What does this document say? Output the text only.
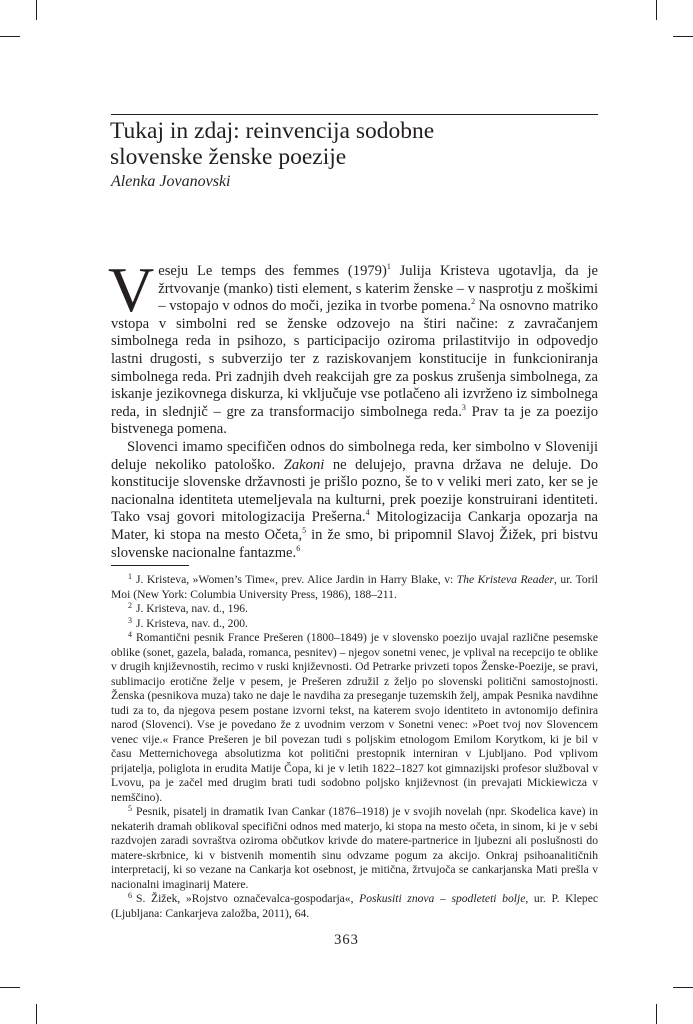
Tukaj in zdaj: reinvencija sodobne
slovenske ženske poezije
Alenka Jovanovski

Veseju Le temps des femmes $(1979)^1$ Julija Kristeva ugotavlja, da je žrtvovanje (manko) tisti element, s katerim ženske – v nasprotju z moškimi – vstopajo v odnos do moči, jezika in tvorbe pomena.$^2$ Na osnovno matriko vstopa v simbolni red se ženske odzovejo na štiri načine: z zavračanjem simbolnega reda in psihozo, s participacijo oziroma prilastitvijo in odpovedjo lastni drugosti, s subverzijo ter z raziskovanjem konstitucije in funkcioniranja simbolnega reda. Pri zadnjih dveh reakcijah gre za poskus zrušenja simbolnega, za iskanje jezikovnega diskurza, ki vključuje vse potlačeno ali izvrženo iz simbolnega reda, in slednjič – gre za transformacijo simbolnega reda.$^3$ Prav ta je za poezijo bistvenega pomena.

Slovenci imamo specifičen odnos do simbolnega reda, ker simbolno v Sloveniji deluje nekoliko patološko. Zakoni ne delujejo, pravna država ne deluje. Do konstitucije slovenske državnosti je prišlo pozno, še to v veliki meri zato, ker se je nacionalna identiteta utemeljevala na kulturni, prek poezije konstruirani identiteti. Tako vsaj govori mitologizacija Prešerna.$^4$ Mitologizacija Cankarja opozarja na Mater, ki stopa na mesto Očeta,$^5$ in že smo, bi pripomnil Slavoj Žižek, pri bistvu slovenske nacionalne fantazme.$^6$

$^1$ J. Kristeva, »Women’s Time«, prev. Alice Jardin in Harry Blake, v: The Kristeva Reader, ur. Toril Moi (New York: Columbia University Press, 1986), 188–211.

$^2$ J. Kristeva, nav. d., 196.

$^3$ J. Kristeva, nav. d., 200.

$^4$ Romantični pesnik France Prešeren (1800–1849) je v slovensko poezijo uvajal različne pesemske oblike (sonet, gazela, balada, romanca, pesnitev) – njegov sonetni venec, je vplival na recepcijo te oblike v drugih književnostih, recimo v ruski književnosti. Od Petrarke privzeti topos Ženske-Poezije, se pravi, sublimacijo erotične želje v pesem, je Prešeren združil z željo po slovenski politični samostojnosti. Ženska (pesnikova muza) tako ne daje le navdiha za preseganje tuzemskih želj, ampak Pesnika navdihne tudi za to, da njegova pesem postane izvorni tekst, na katerem svojo identiteto in avtonomijo definira narod (Slovenci). Vse je povedano že z uvodnim verzom v Sonetni venec: »Poet tvoj nov Slovencem venec vije.« France Prešeren je bil povezan tudi s poljskim etnologom Emilom Korytkom, ki je bil v času Metternichovega absolutizma kot politični prestopnik interniran v Ljubljano. Pod vplivom prijatelja, poliglota in erudita Matije Čopa, ki je v letih 1822–1827 kot gimnazijski profesor služboval v Lvovu, pa je začel med drugim brati tudi sodobno poljsko književnost (in prevajati Mickiewicza v nemščino).

$^5$ Pesnik, pisatelj in dramatik Ivan Cankar (1876–1918) je v svojih novelah (npr. Skodelica kave) in nekaterih dramah oblikoval specifični odnos med materjo, ki stopa na mesto očeta, in sinom, ki je v sebi razdvojen zaradi sovraštva oziroma občutkov krivde do matere-partnerice in ljubezni ali poslušnosti do matere-skrbnice, ki v bistvenih momentih sinu odvzame pogum za akcijo. Onkraj psihoanalitičnih interpretacij, ki so vezane na Cankarja kot osebnost, je mitična, žrtvujoča se cankarjanska Mati prešla v nacionalni imaginarij Matere.

$^6$ S. Žižek, »Rojstvo označevalca-gospodarja«, Poskusiti znova – spodleteti bolje, ur. P. Klepec (Ljubljana: Cankarjeva založba, 2011), 64.

363
